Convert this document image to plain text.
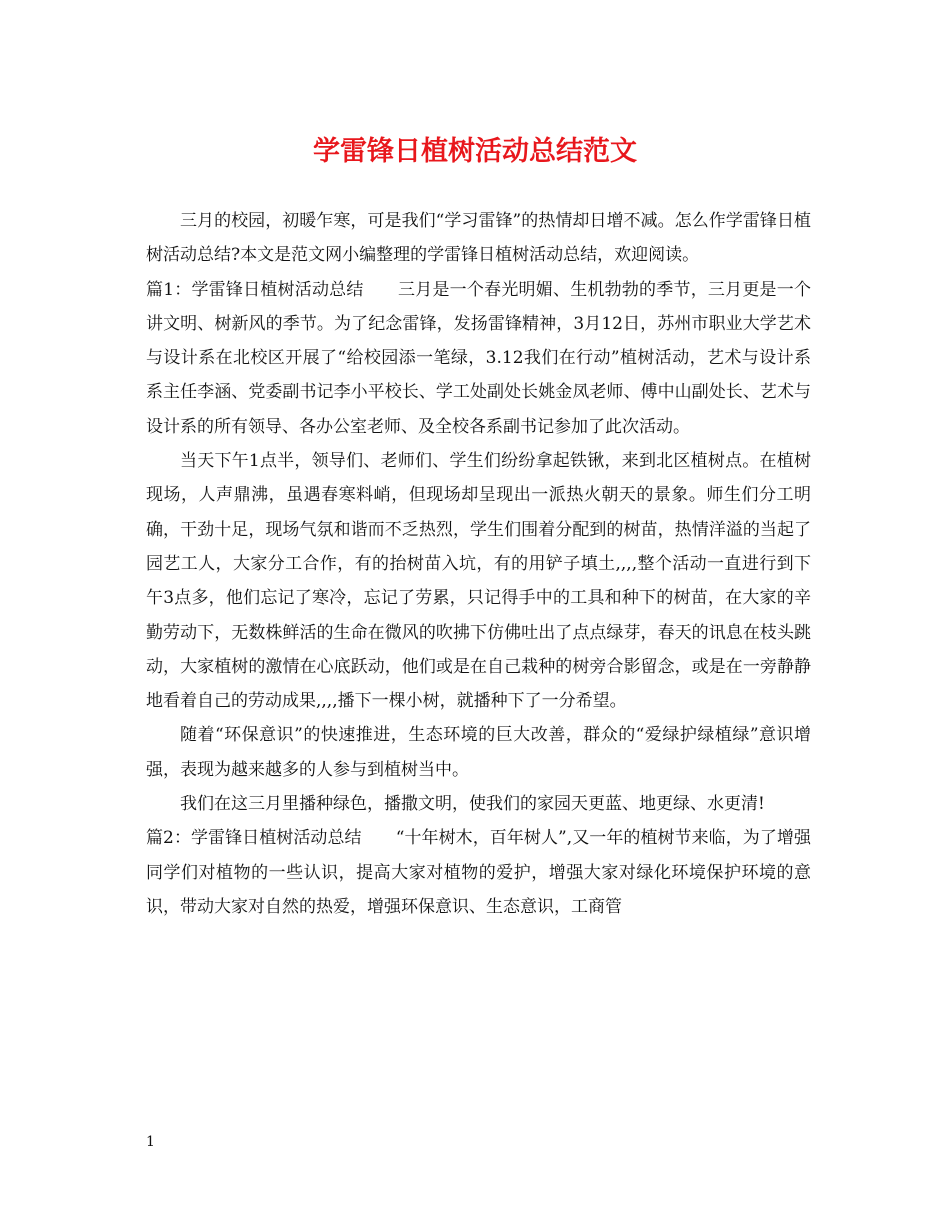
学雷锋日植树活动总结范文

三月的校园，初暖乍寒，可是我们“学习雷锋”的热情却日增不减。怎么作学雷锋日植树活动总结?本文是范文网小编整理的学雷锋日植树活动总结，欢迎阅读。

篇1：学雷锋日植树活动总结　　三月是一个春光明媚、生机勃勃的季节，三月更是一个讲文明、树新风的季节。为了纪念雷锋，发扬雷锋精神，3月12日，苏州市职业大学艺术与设计系在北校区开展了“给校园添一笔绿，3.12我们在行动”植树活动，艺术与设计系系主任李涵、党委副书记李小平校长、学工处副处长姚金凤老师、傅中山副处长、艺术与设计系的所有领导、各办公室老师、及全校各系副书记参加了此次活动。

当天下午1点半，领导们、老师们、学生们纷纷拿起铁锹，来到北区植树点。在植树现场，人声鼎沸，虽遇春寒料峭，但现场却呈现出一派热火朝天的景象。师生们分工明确，干劲十足，现场气氛和谐而不乏热烈，学生们围着分配到的树苗，热情洋溢的当起了园艺工人，大家分工合作，有的抬树苗入坑，有的用铲子填土,,,,整个活动一直进行到下午3点多，他们忘记了寒冷，忘记了劳累，只记得手中的工具和种下的树苗，在大家的辛勤劳动下，无数株鲜活的生命在微风的吹拂下仿佛吐出了点点绿芽，春天的讯息在枝头跳动，大家植树的激情在心底跃动，他们或是在自己栽种的树旁合影留念，或是在一旁静静地看着自己的劳动成果,,,,播下一棵小树，就播种下了一分希望。

随着“环保意识”的快速推进，生态环境的巨大改善，群众的“爱绿护绿植绿”意识增强，表现为越来越多的人参与到植树当中。

我们在这三月里播种绿色，播撒文明，使我们的家园天更蓝、地更绿、水更清!

篇2：学雷锋日植树活动总结　　“十年树木，百年树人”,又一年的植树节来临，为了增强同学们对植物的一些认识，提高大家对植物的爱护，增强大家对绿化环境保护环境的意识，带动大家对自然的热爱，增强环保意识、生态意识，工商管

1
